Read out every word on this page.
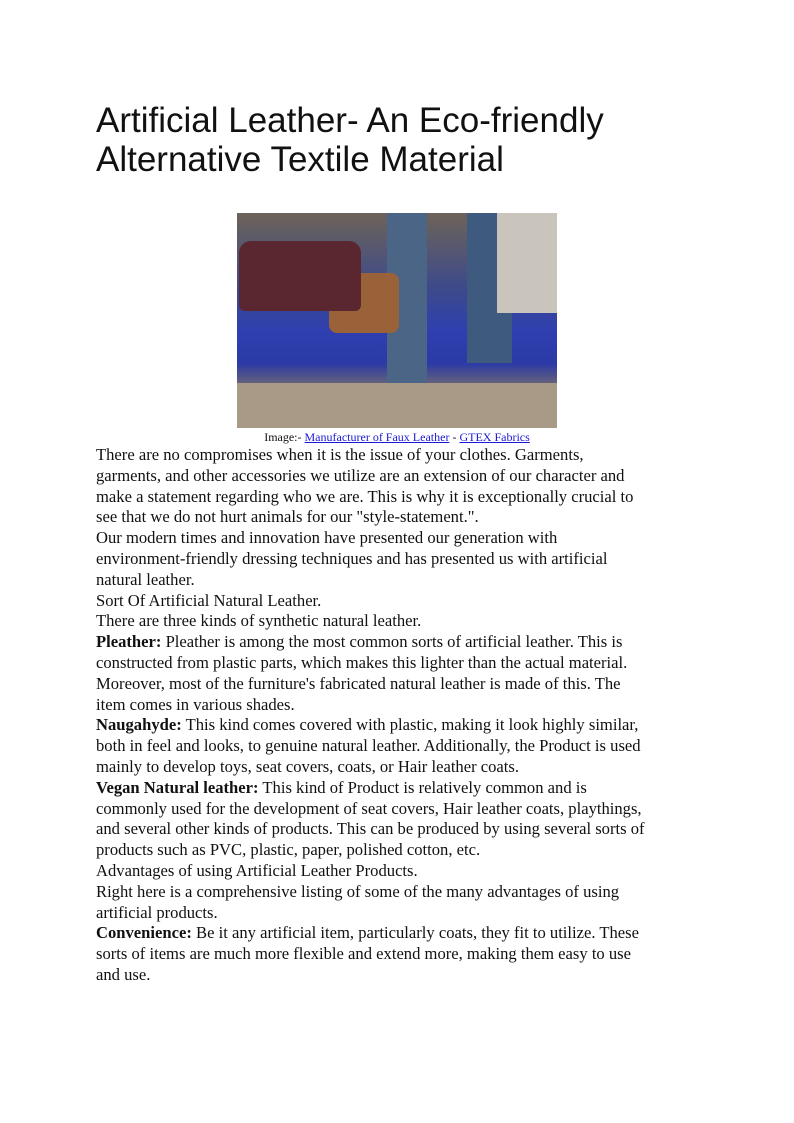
Artificial Leather- An Eco-friendly
Alternative Textile Material
Image:- Manufacturer of Faux Leather - GTEX Fabrics
There are no compromises when it is the issue of your clothes. Garments,
garments, and other accessories we utilize are an extension of our character and
make a statement regarding who we are. This is why it is exceptionally crucial to
see that we do not hurt animals for our "style-statement.".
Our modern times and innovation have presented our generation with
environment-friendly dressing techniques and has presented us with artificial
natural leather.
Sort Of Artificial Natural Leather.
There are three kinds of synthetic natural leather.
Pleather: Pleather is among the most common sorts of artificial leather. This is
constructed from plastic parts, which makes this lighter than the actual material.
Moreover, most of the furniture's fabricated natural leather is made of this. The
item comes in various shades.
Naugahyde: This kind comes covered with plastic, making it look highly similar,
both in feel and looks, to genuine natural leather. Additionally, the Product is used
mainly to develop toys, seat covers, coats, or Hair leather coats.
Vegan Natural leather: This kind of Product is relatively common and is
commonly used for the development of seat covers, Hair leather coats, playthings,
and several other kinds of products. This can be produced by using several sorts of
products such as PVC, plastic, paper, polished cotton, etc.
Advantages of using Artificial Leather Products.
Right here is a comprehensive listing of some of the many advantages of using
artificial products.
Convenience: Be it any artificial item, particularly coats, they fit to utilize. These
sorts of items are much more flexible and extend more, making them easy to use
and use.
